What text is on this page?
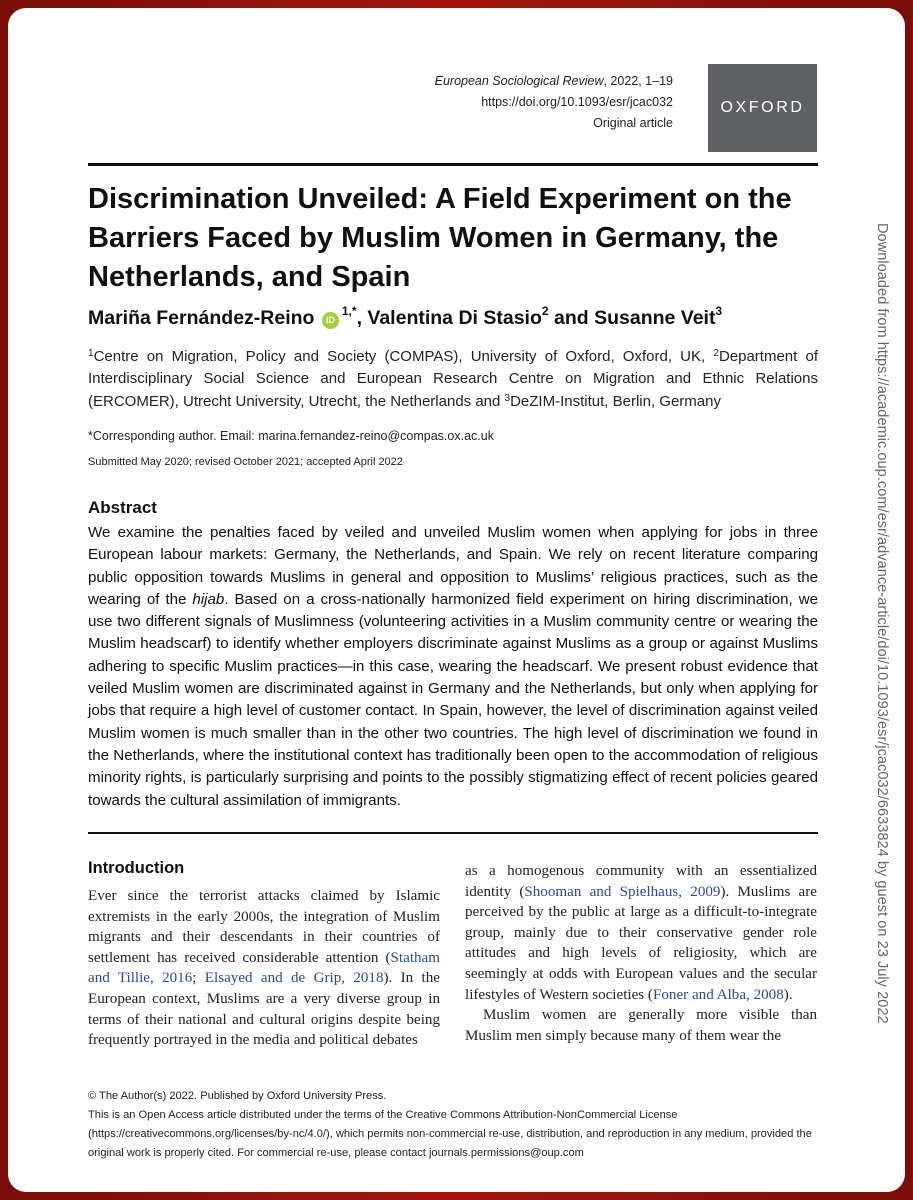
European Sociological Review, 2022, 1–19
https://doi.org/10.1093/esr/jcac032
Original article
OXFORD
Discrimination Unveiled: A Field Experiment on the Barriers Faced by Muslim Women in Germany, the Netherlands, and Spain
Mariña Fernández-Reino $iD^{1,*}$, Valentina Di Stasio$^2$ and Susanne Veit$^3$

$^1$Centre on Migration, Policy and Society (COMPAS), University of Oxford, Oxford, UK, $^2$Department of Interdisciplinary Social Science and European Research Centre on Migration and Ethnic Relations (ERCOMER), Utrecht University, Utrecht, the Netherlands and $^3$DeZIM-Institut, Berlin, Germany

*Corresponding author. Email: marina.fernandez-reino@compas.ox.ac.uk
Submitted May 2020; revised October 2021; accepted April 2022
Abstract

We examine the penalties faced by veiled and unveiled Muslim women when applying for jobs in three European labour markets: Germany, the Netherlands, and Spain. We rely on recent literature comparing public opposition towards Muslims in general and opposition to Muslims’ religious practices, such as the wearing of the hijab. Based on a cross-nationally harmonized field experiment on hiring discrimination, we use two different signals of Muslimness (volunteering activities in a Muslim community centre or wearing the Muslim headscarf) to identify whether employers discriminate against Muslims as a group or against Muslims adhering to specific Muslim practices—in this case, wearing the headscarf. We present robust evidence that veiled Muslim women are discriminated against in Germany and the Netherlands, but only when applying for jobs that require a high level of customer contact. In Spain, however, the level of discrimination against veiled Muslim women is much smaller than in the other two countries. The high level of discrimination we found in the Netherlands, where the institutional context has traditionally been open to the accommodation of religious minority rights, is particularly surprising and points to the possibly stigmatizing effect of recent policies geared towards the cultural assimilation of immigrants.

Introduction

Ever since the terrorist attacks claimed by Islamic extremists in the early 2000s, the integration of Muslim migrants and their descendants in their countries of settlement has received considerable attention (Statham and Tillie, 2016; Elsayed and de Grip, 2018). In the European context, Muslims are a very diverse group in terms of their national and cultural origins despite being frequently portrayed in the media and political debates

as a homogenous community with an essentialized identity (Shooman and Spielhaus, 2009). Muslims are perceived by the public at large as a difficult-to-integrate group, mainly due to their conservative gender role attitudes and high levels of religiosity, which are seemingly at odds with European values and the secular lifestyles of Western societies (Foner and Alba, 2008).

Muslim women are generally more visible than Muslim men simply because many of them wear the

© The Author(s) 2022. Published by Oxford University Press.

This is an Open Access article distributed under the terms of the Creative Commons Attribution-NonCommercial License (https://creativecommons.org/licenses/by-nc/4.0/), which permits non-commercial re-use, distribution, and reproduction in any medium, provided the original work is properly cited. For commercial re-use, please contact journals.permissions@oup.com

Downloaded from https://academic.oup.com/esr/advance-article/doi/10.1093/esr/jcac032/6633824 by guest on 23 July 2022
